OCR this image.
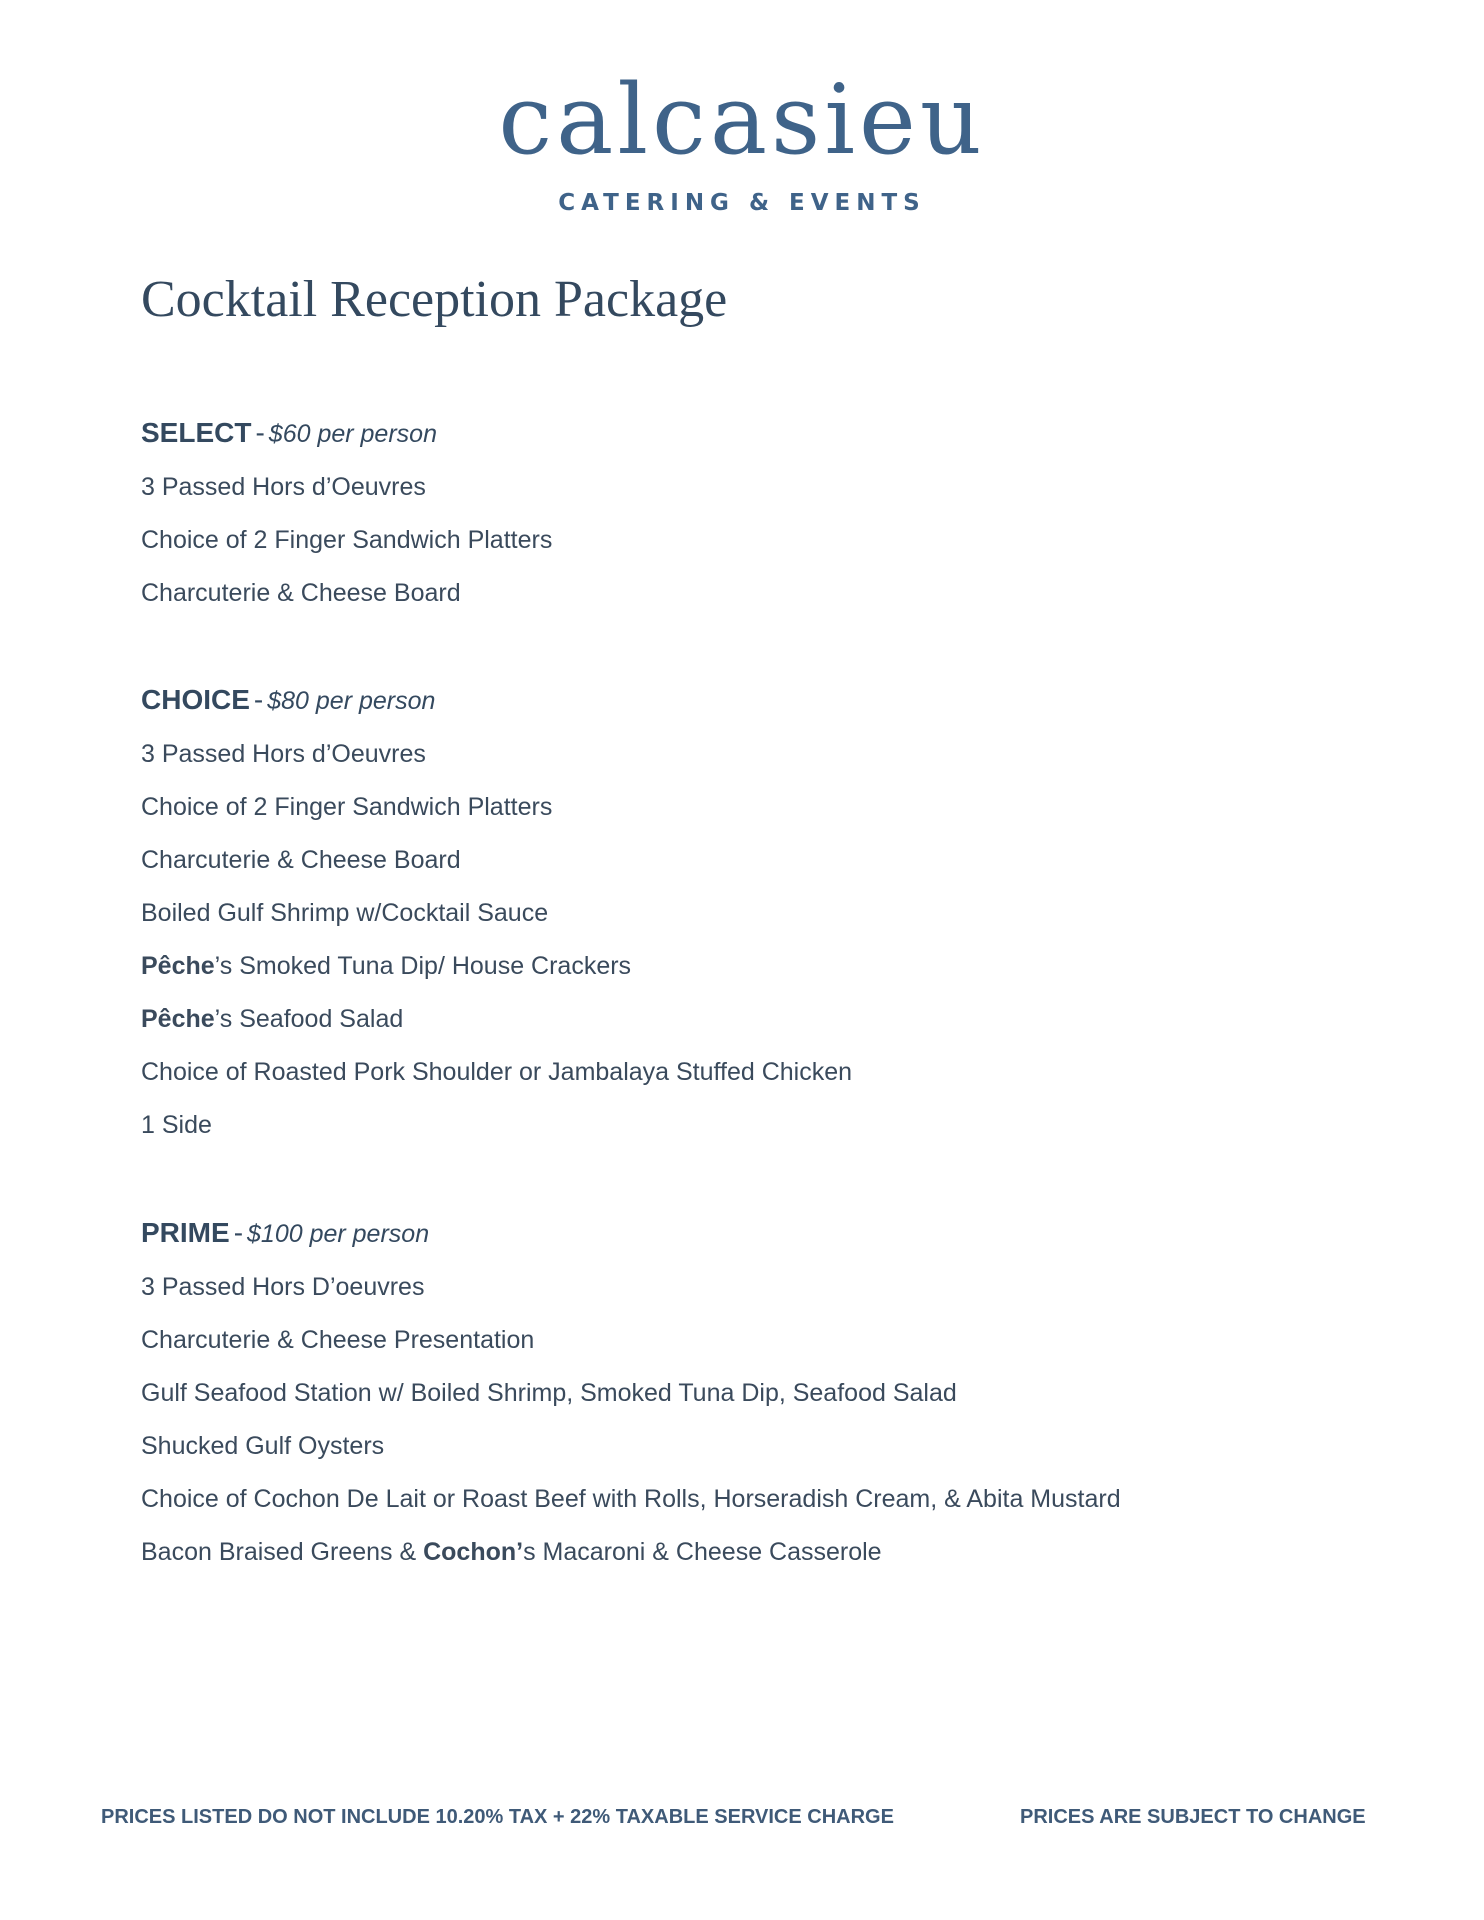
calcasieu
CATERING & EVENTS
Cocktail Reception Package
SELECT - $60 per person
3 Passed Hors d’Oeuvres
Choice of 2 Finger Sandwich Platters
Charcuterie & Cheese Board
CHOICE - $80 per person
3 Passed Hors d’Oeuvres
Choice of 2 Finger Sandwich Platters
Charcuterie & Cheese Board
Boiled Gulf Shrimp w/Cocktail Sauce
Pêche’s Smoked Tuna Dip/ House Crackers
Pêche’s Seafood Salad
Choice of Roasted Pork Shoulder or Jambalaya Stuffed Chicken
1 Side
PRIME - $100 per person
3 Passed Hors D’oeuvres
Charcuterie & Cheese Presentation
Gulf Seafood Station w/ Boiled Shrimp, Smoked Tuna Dip, Seafood Salad
Shucked Gulf Oysters
Choice of Cochon De Lait or Roast Beef with Rolls, Horseradish Cream, & Abita Mustard
Bacon Braised Greens & Cochon’s Macaroni & Cheese Casserole
PRICES LISTED DO NOT INCLUDE 10.20% TAX + 22% TAXABLE SERVICE CHARGE	PRICES ARE SUBJECT TO CHANGE
